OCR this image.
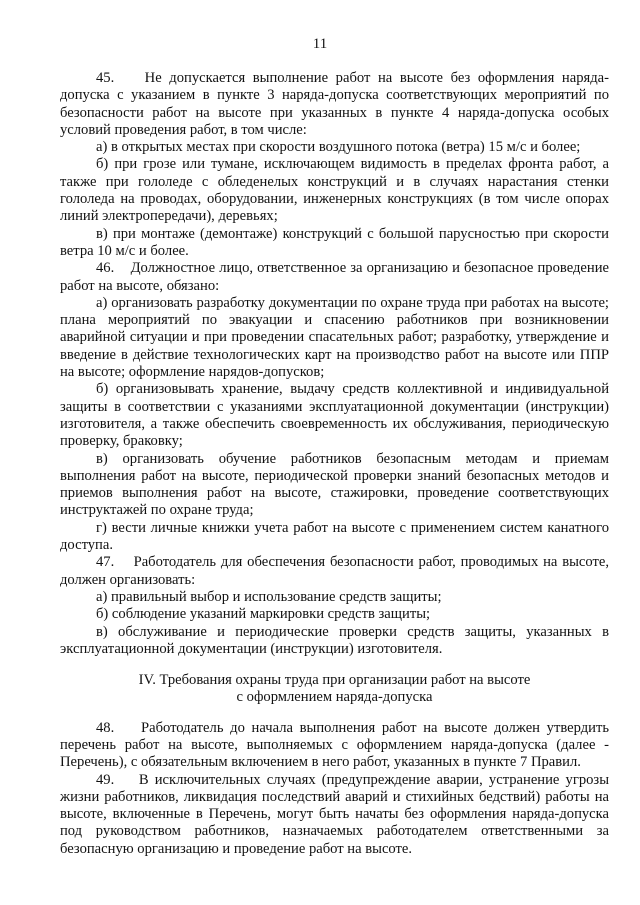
11

45.    Не допускается выполнение работ на высоте без оформления наряда-допуска с указанием в пункте 3 наряда-допуска соответствующих мероприятий по безопасности работ на высоте при указанных в пункте 4 наряда-допуска особых условий проведения работ, в том числе:

а) в открытых местах при скорости воздушного потока (ветра) 15 м/с и более;

б) при грозе или тумане, исключающем видимость в пределах фронта работ, а также при гололеде с обледенелых конструкций и в случаях нарастания стенки гололеда на проводах, оборудовании, инженерных конструкциях (в том числе опорах линий электропередачи), деревьях;

в) при монтаже (демонтаже) конструкций с большой парусностью при скорости ветра 10 м/с и более.

46.    Должностное лицо, ответственное за организацию и безопасное проведение работ на высоте, обязано:

а) организовать разработку документации по охране труда при работах на высоте; плана мероприятий по эвакуации и спасению работников при возникновении аварийной ситуации и при проведении спасательных работ; разработку, утверждение и введение в действие технологических карт на производство работ на высоте или ППР на высоте; оформление нарядов-допусков;

б) организовывать хранение, выдачу средств коллективной и индивидуальной защиты в соответствии с указаниями эксплуатационной документации (инструкции) изготовителя, а также обеспечить своевременность их обслуживания, периодическую проверку, браковку;

в) организовать обучение работников безопасным методам и приемам выполнения работ на высоте, периодической проверки знаний безопасных методов и приемов выполнения работ на высоте, стажировки, проведение соответствующих инструктажей по охране труда;

г) вести личные книжки учета работ на высоте с применением систем канатного доступа.

47.    Работодатель для обеспечения безопасности работ, проводимых на высоте, должен организовать:

а) правильный выбор и использование средств защиты;

б) соблюдение указаний маркировки средств защиты;

в) обслуживание и периодические проверки средств защиты, указанных в эксплуатационной документации (инструкции) изготовителя.

IV. Требования охраны труда при организации работ на высоте
с оформлением наряда-допуска

48.    Работодатель до начала выполнения работ на высоте должен утвердить перечень работ на высоте, выполняемых с оформлением наряда-допуска (далее - Перечень), с обязательным включением в него работ, указанных в пункте 7 Правил.

49.    В исключительных случаях (предупреждение аварии, устранение угрозы жизни работников, ликвидация последствий аварий и стихийных бедствий) работы на высоте, включенные в Перечень, могут быть начаты без оформления наряда-допуска под руководством работников, назначаемых работодателем ответственными за безопасную организацию и проведение работ на высоте.
